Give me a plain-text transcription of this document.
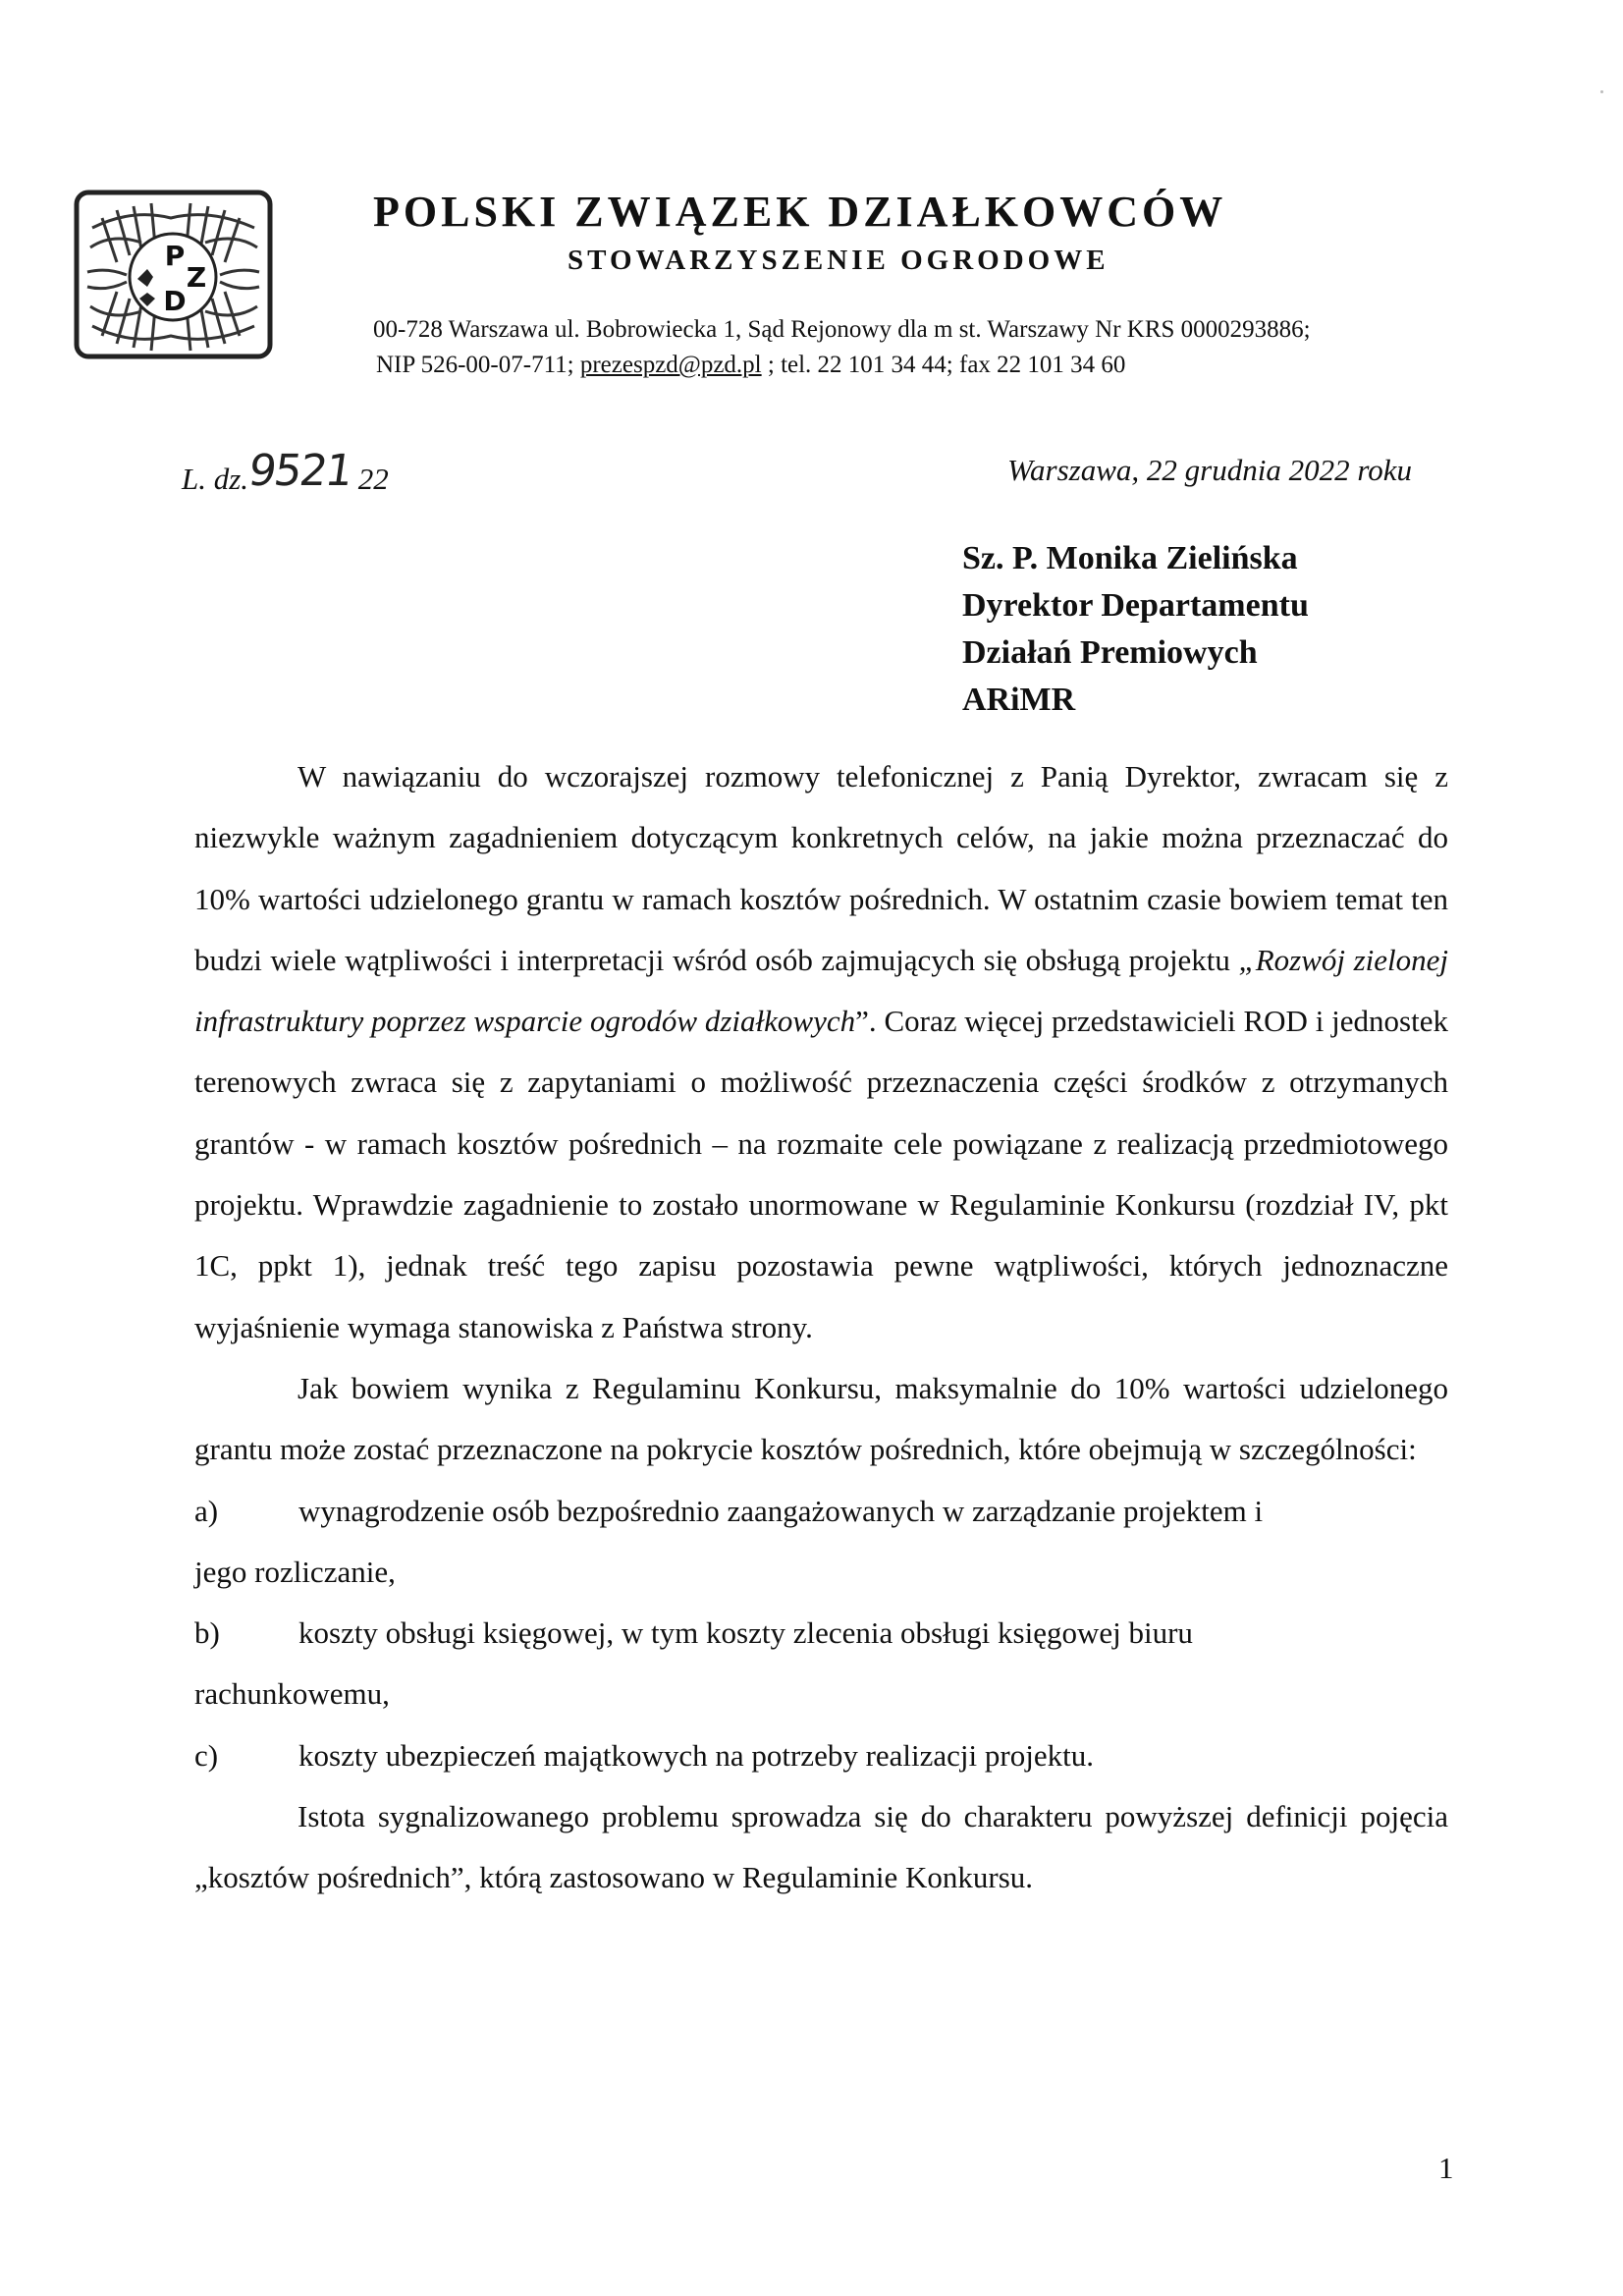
P
Z
D
POLSKI ZWIĄZEK DZIAŁKOWCÓW
STOWARZYSZENIE OGRODOWE
00-728 Warszawa ul. Bobrowiecka 1, Sąd Rejonowy dla m st. Warszawy Nr KRS 0000293886;
NIP 526-00-07-711; prezespzd@pzd.pl ; tel. 22 101 34 44; fax 22 101 34 60
L. dz.9521 22	Warszawa, 22 grudnia 2022 roku
Sz. P. Monika Zielińska
Dyrektor Departamentu
Działań Premiowych
ARiMR

W nawiązaniu do wczorajszej rozmowy telefonicznej z Panią Dyrektor, zwracam się z niezwykle ważnym zagadnieniem dotyczącym konkretnych celów, na jakie można przeznaczać do 10% wartości udzielonego grantu w ramach kosztów pośrednich. W ostatnim czasie bowiem temat ten budzi wiele wątpliwości i interpretacji wśród osób zajmujących się obsługą projektu „Rozwój zielonej infrastruktury poprzez wsparcie ogrodów działkowych”. Coraz więcej przedstawicieli ROD i jednostek terenowych zwraca się z zapytaniami o możliwość przeznaczenia części środków z otrzymanych grantów - w ramach kosztów pośrednich – na rozmaite cele powiązane z realizacją przedmiotowego projektu. Wprawdzie zagadnienie to zostało unormowane w Regulaminie Konkursu (rozdział IV, pkt 1C, ppkt 1), jednak treść tego zapisu pozostawia pewne wątpliwości, których jednoznaczne wyjaśnienie wymaga stanowiska z Państwa strony.

Jak bowiem wynika z Regulaminu Konkursu, maksymalnie do 10% wartości udzielonego grantu może zostać przeznaczone na pokrycie kosztów pośrednich, które obejmują w szczególności:

a)	wynagrodzenie osób bezpośrednio zaangażowanych w zarządzanie projektem i

jego rozliczanie,

b)	koszty obsługi księgowej, w tym koszty zlecenia obsługi księgowej biuru

rachunkowemu,

c)	koszty ubezpieczeń majątkowych na potrzeby realizacji projektu.

Istota sygnalizowanego problemu sprowadza się do charakteru powyższej definicji pojęcia „kosztów pośrednich”, którą zastosowano w Regulaminie Konkursu.

1
